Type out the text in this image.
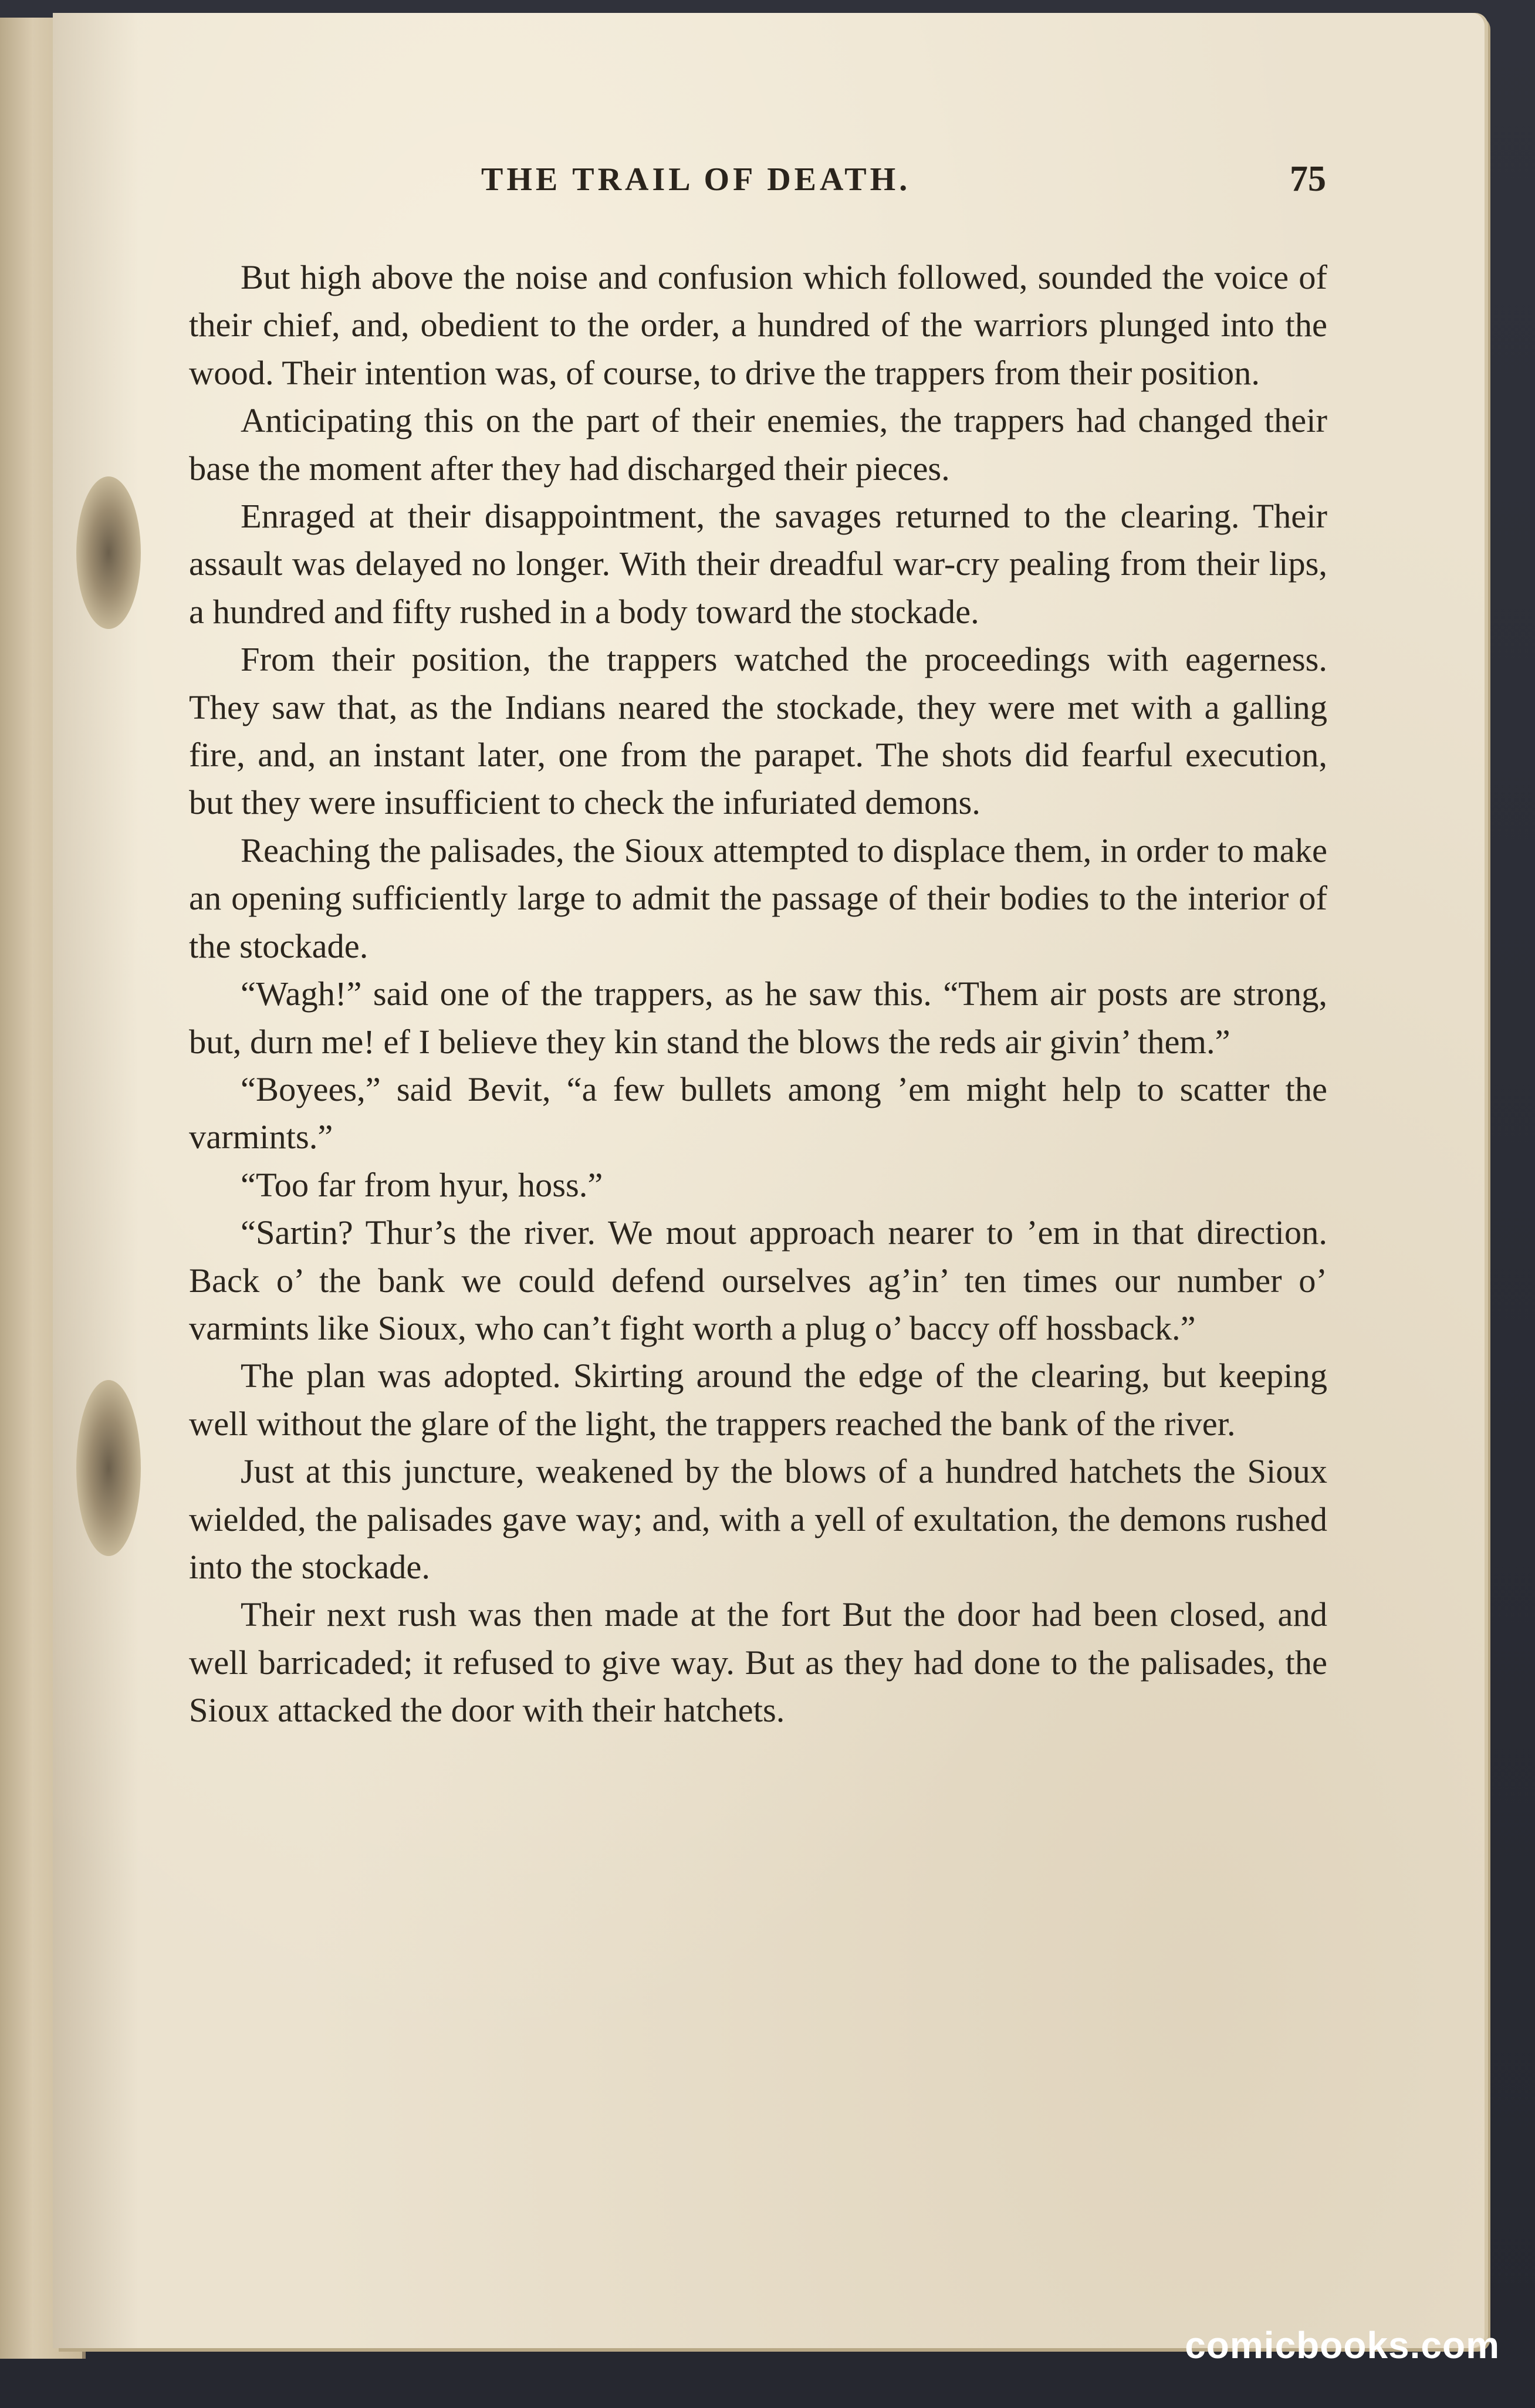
THE TRAIL OF DEATH.	75

But high above the noise and confusion which followed, sounded the voice of their chief, and, obedient to the order, a hundred of the warriors plunged into the wood. Their intention was, of course, to drive the trappers from their position.

Anticipating this on the part of their enemies, the trappers had changed their base the moment after they had discharged their pieces.

Enraged at their disappointment, the savages returned to the clearing. Their assault was delayed no longer. With their dreadful war-cry pealing from their lips, a hundred and fifty rushed in a body toward the stockade.

From their position, the trappers watched the proceedings with eagerness. They saw that, as the Indians neared the stockade, they were met with a galling fire, and, an instant later, one from the parapet. The shots did fearful execution, but they were insufficient to check the infuriated demons.

Reaching the palisades, the Sioux attempted to displace them, in order to make an opening sufficiently large to admit the passage of their bodies to the interior of the stockade.

“Wagh!” said one of the trappers, as he saw this. “Them air posts are strong, but, durn me! ef I believe they kin stand the blows the reds air givin’ them.”

“Boyees,” said Bevit, “a few bullets among ’em might help to scatter the varmints.”

“Too far from hyur, hoss.”

“Sartin? Thur’s the river. We mout approach nearer to ’em in that direction. Back o’ the bank we could defend ourselves ag’in’ ten times our number o’ varmints like Sioux, who can’t fight worth a plug o’ baccy off hossback.”

The plan was adopted. Skirting around the edge of the clearing, but keeping well without the glare of the light, the trappers reached the bank of the river.

Just at this juncture, weakened by the blows of a hundred hatchets the Sioux wielded, the palisades gave way; and, with a yell of exultation, the demons rushed into the stockade.

Their next rush was then made at the fort But the door had been closed, and well barricaded; it refused to give way. But as they had done to the palisades, the Sioux attacked the door with their hatchets.

comicbooks.com
